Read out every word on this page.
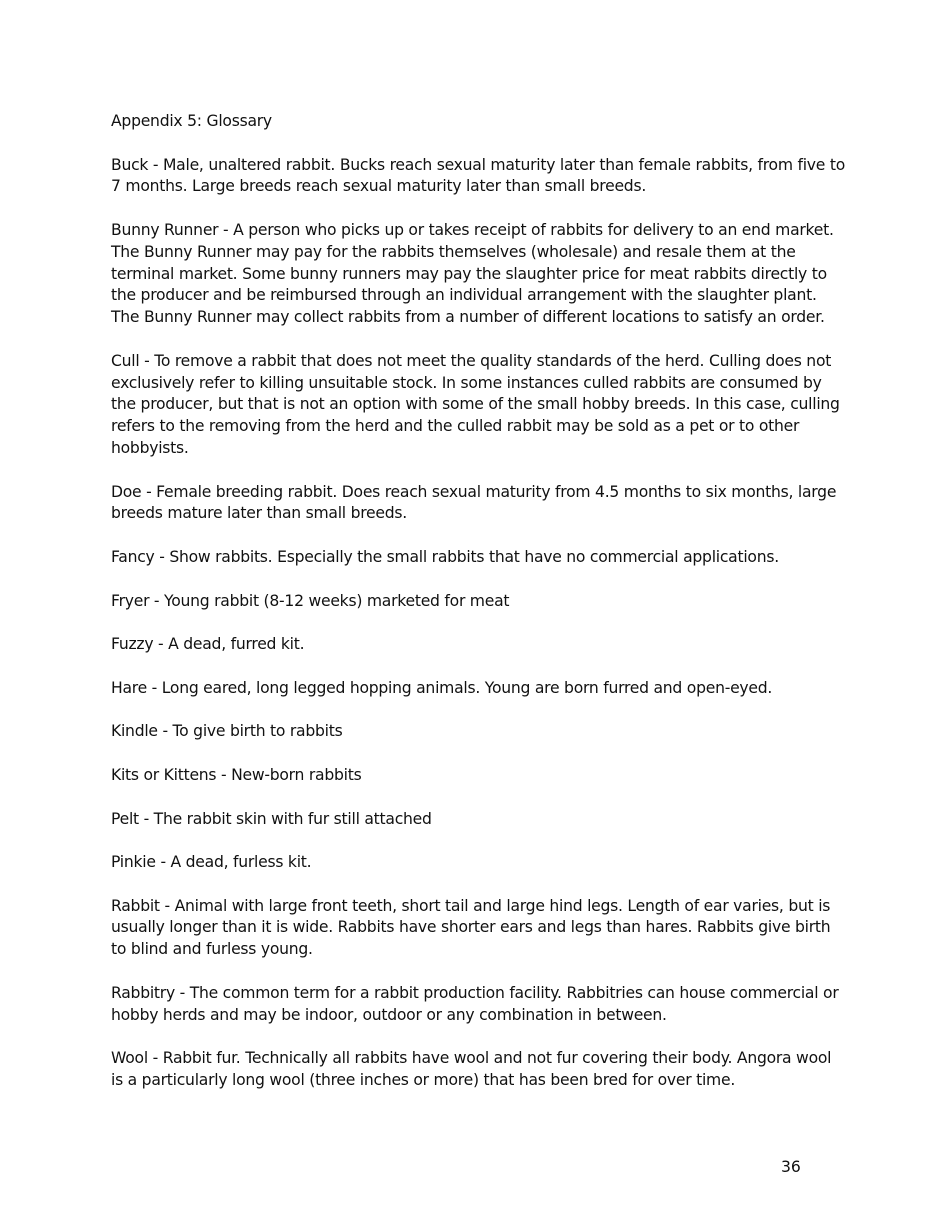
Appendix 5: Glossary

Buck - Male, unaltered rabbit. Bucks reach sexual maturity later than female rabbits, from five to 7 months. Large breeds reach sexual maturity later than small breeds.

Bunny Runner - A person who picks up or takes receipt of rabbits for delivery to an end market. The Bunny Runner may pay for the rabbits themselves (wholesale) and resale them at the terminal market. Some bunny runners may pay the slaughter price for meat rabbits directly to the producer and be reimbursed through an individual arrangement with the slaughter plant. The Bunny Runner may collect rabbits from a number of different locations to satisfy an order.

Cull - To remove a rabbit that does not meet the quality standards of the herd. Culling does not exclusively refer to killing unsuitable stock. In some instances culled rabbits are consumed by the producer, but that is not an option with some of the small hobby breeds. In this case, culling refers to the removing from the herd and the culled rabbit may be sold as a pet or to other hobbyists.

Doe - Female breeding rabbit. Does reach sexual maturity from 4.5 months to six months, large breeds mature later than small breeds.

Fancy - Show rabbits. Especially the small rabbits that have no commercial applications.

Fryer - Young rabbit (8-12 weeks) marketed for meat

Fuzzy - A dead, furred kit.

Hare - Long eared, long legged hopping animals. Young are born furred and open-eyed.

Kindle - To give birth to rabbits

Kits or Kittens - New-born rabbits

Pelt - The rabbit skin with fur still attached

Pinkie - A dead, furless kit.

Rabbit - Animal with large front teeth, short tail and large hind legs. Length of ear varies, but is usually longer than it is wide. Rabbits have shorter ears and legs than hares. Rabbits give birth to blind and furless young.

Rabbitry - The common term for a rabbit production facility. Rabbitries can house commercial or hobby herds and may be indoor, outdoor or any combination in between.

Wool - Rabbit fur. Technically all rabbits have wool and not fur covering their body. Angora wool is a particularly long wool (three inches or more) that has been bred for over time.

36
